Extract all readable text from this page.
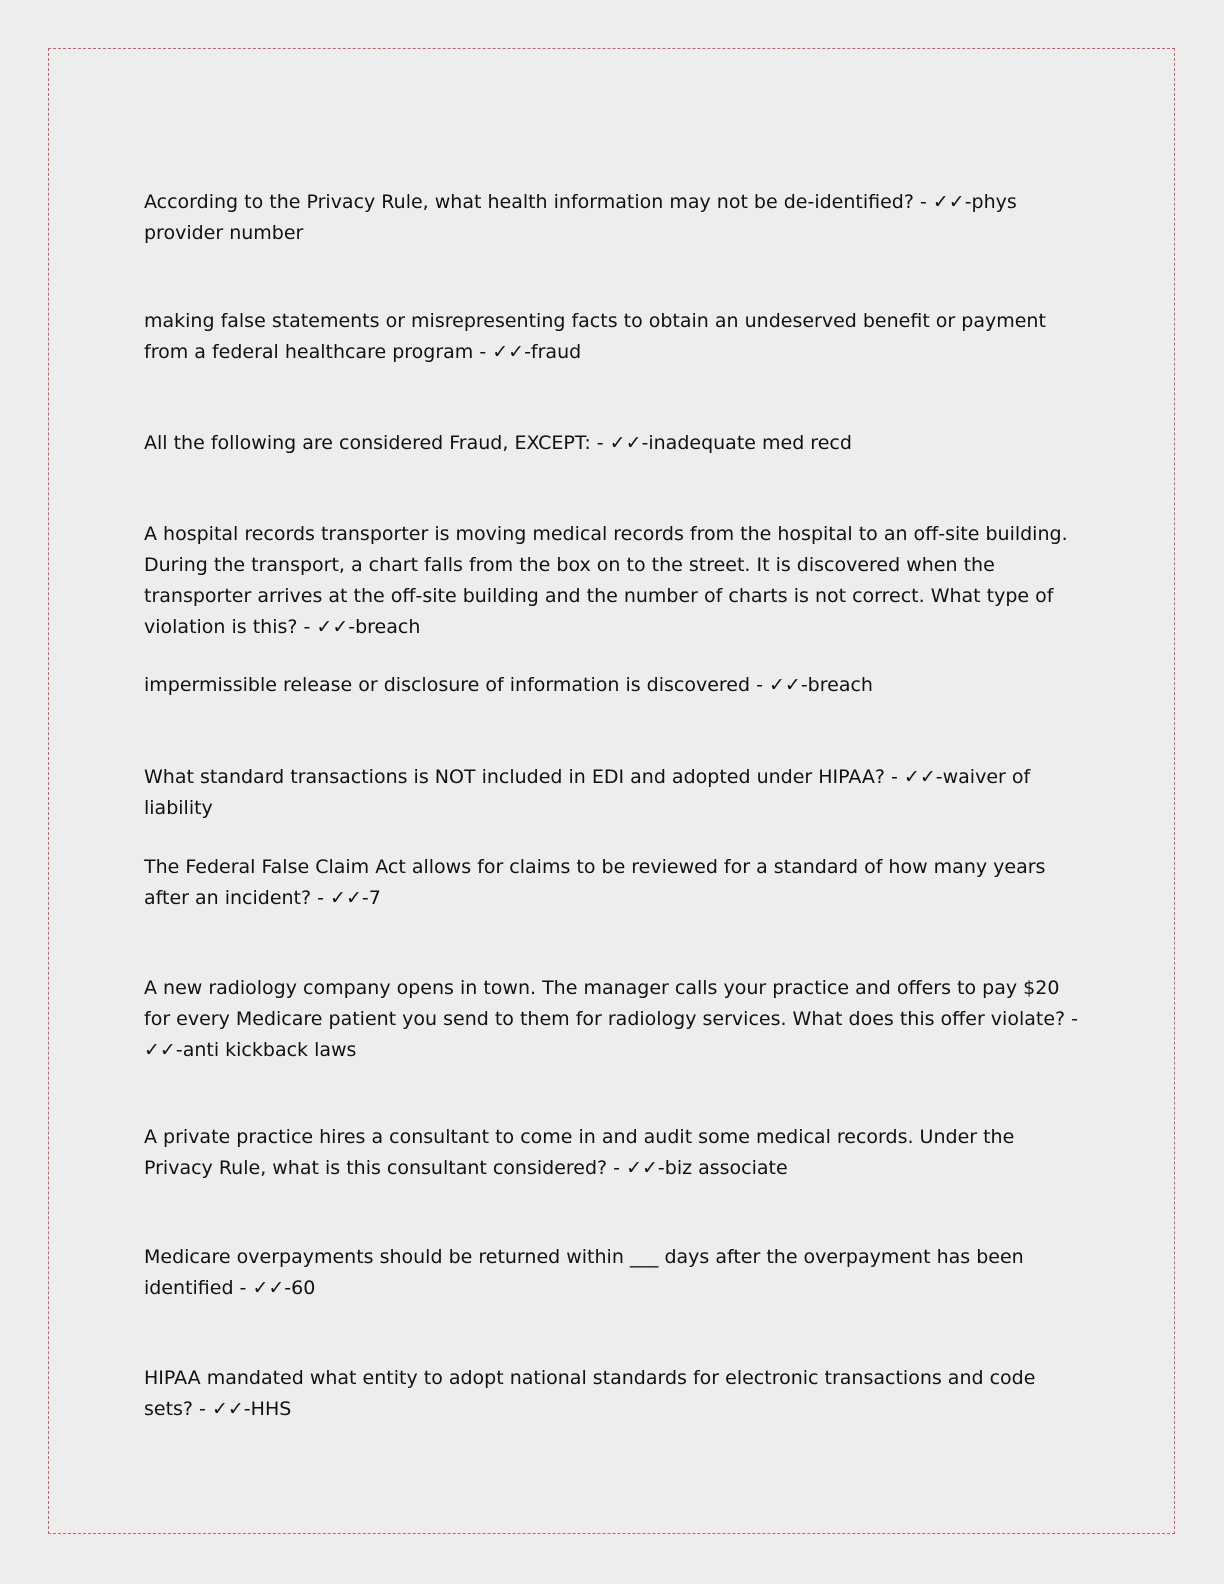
According to the Privacy Rule, what health information may not be de-identified? - ✓✓-phys provider number

making false statements or misrepresenting facts to obtain an undeserved benefit or payment from a federal healthcare program - ✓✓-fraud

All the following are considered Fraud, EXCEPT: - ✓✓-inadequate med recd

A hospital records transporter is moving medical records from the hospital to an off-site building. During the transport, a chart falls from the box on to the street. It is discovered when the transporter arrives at the off-site building and the number of charts is not correct. What type of violation is this? - ✓✓-breach

impermissible release or disclosure of information is discovered - ✓✓-breach

What standard transactions is NOT included in EDI and adopted under HIPAA? - ✓✓-waiver of liability

The Federal False Claim Act allows for claims to be reviewed for a standard of how many years after an incident? - ✓✓-7

A new radiology company opens in town. The manager calls your practice and offers to pay $20 for every Medicare patient you send to them for radiology services. What does this offer violate? - ✓✓-anti kickback laws

A private practice hires a consultant to come in and audit some medical records. Under the Privacy Rule, what is this consultant considered? - ✓✓-biz associate

Medicare overpayments should be returned within ___ days after the overpayment has been identified - ✓✓-60

HIPAA mandated what entity to adopt national standards for electronic transactions and code sets? - ✓✓-HHS
